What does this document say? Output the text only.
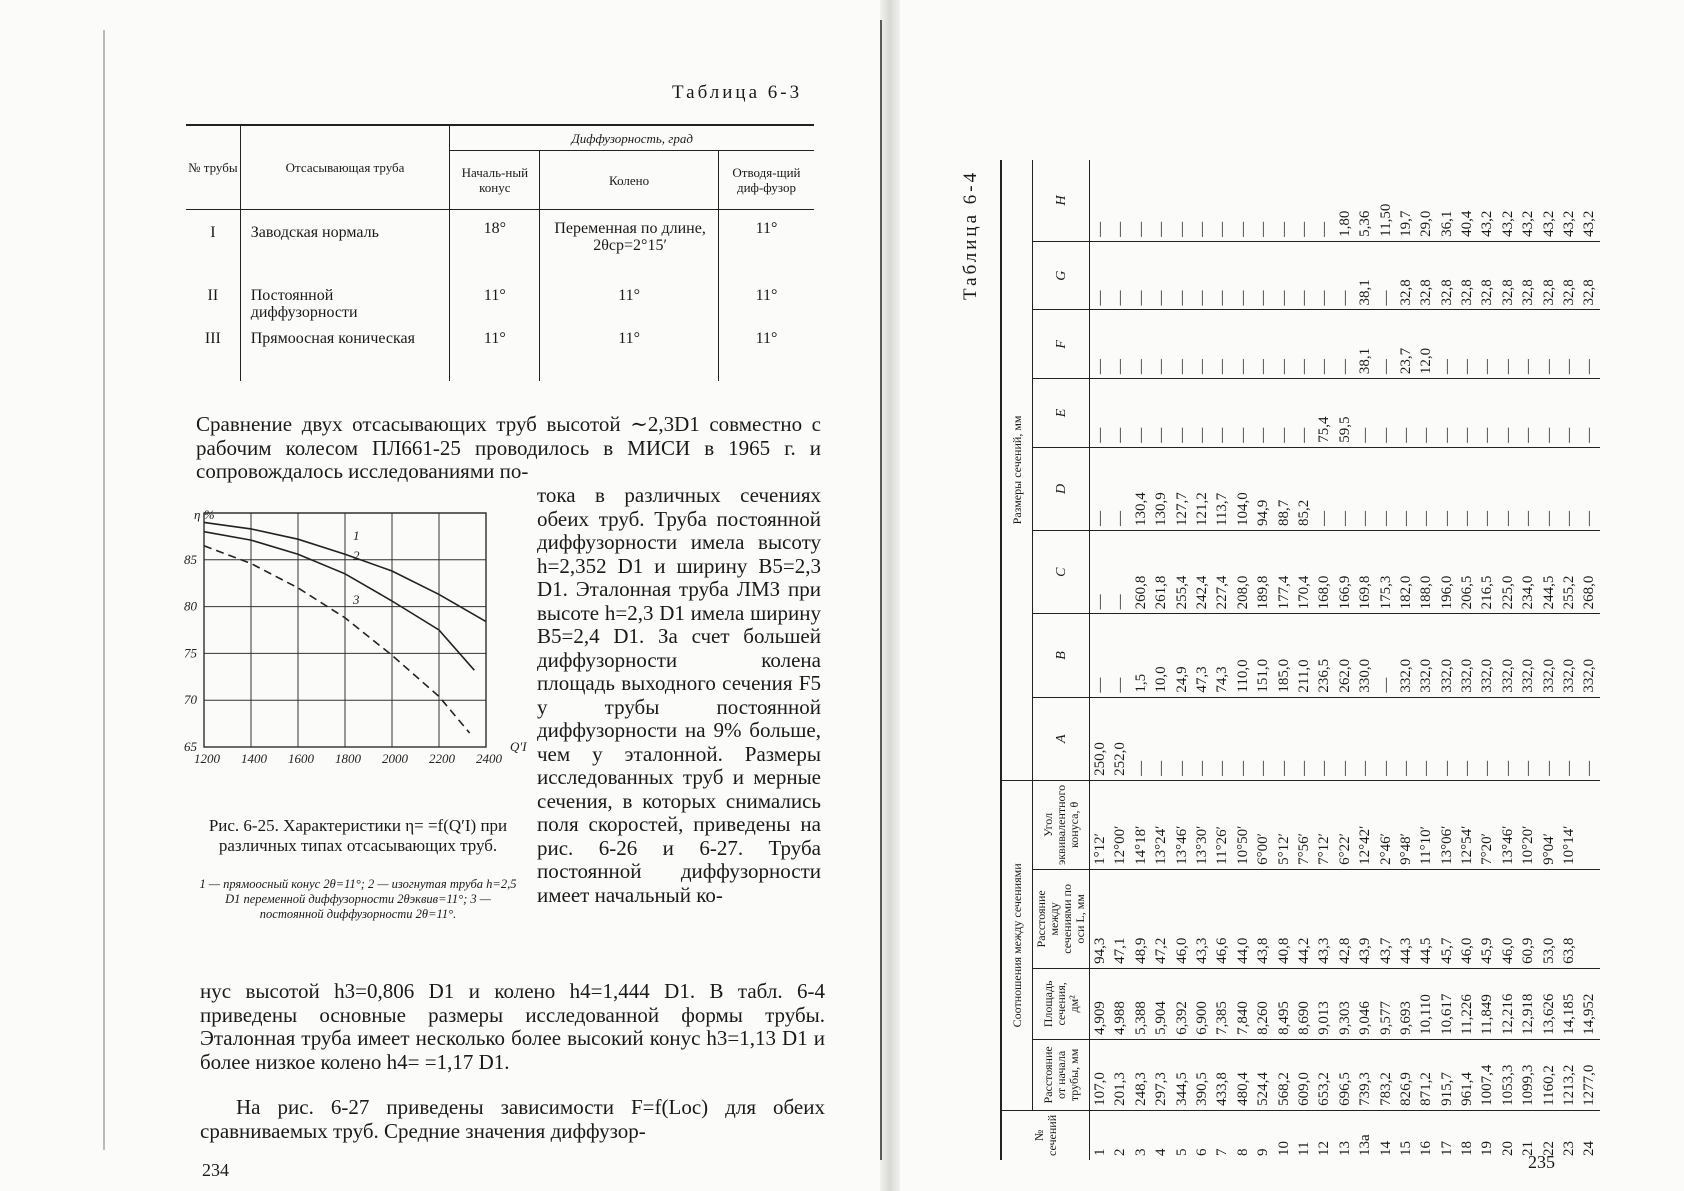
Таблица 6-3
№ трубы	Отсасывающая труба	Диффузорность, град		
		Началь-ный конус	Колено	Отводя-щий диф-фузор
I	Заводская нормаль	18°	Переменная по длине, 2θср=2°15′	11°
II	Постоянной диффузорности	11°	11°	11°
III	Прямоосная коническая	11°	11°	11°
Сравнение двух отсасывающих труб высотой ∼2,3D1 совместно с рабочим колесом ПЛ661-25 проводилось в МИСИ в 1965 г. и сопровождалось исследованиями по-
тока в различных сечениях обеих труб. Труба постоянной диффузорности имела высоту h=2,352 D1 и ширину B5=2,3 D1. Эталонная труба ЛМЗ при высоте h=2,3 D1 имела ширину B5=2,4 D1. За счет большей диффузорности колена площадь выходного сечения F5 у трубы постоянной диффузорности на 9% больше, чем у эталонной. Размеры исследованных труб и мерные сечения, в которых снимались поля скоростей, приведены на рис. 6-26 и 6-27. Труба постоянной диффузорности имеет начальный ко-
1
2
3
1200 1400 1600 1800 2000 2200 2400
65
70
75
80
85
η %
Q′I
Рис. 6-25. Характеристики η= =f(Q′I) при различных типах отсасывающих труб.
1 — прямоосный конус 2θ=11°; 2 — изогнутая труба h=2,5 D1 переменной диффузорности 2θэквив=11°; 3 — постоянной диффузорности 2θ=11°.
нус высотой h3=0,806 D1 и колено h4=1,444 D1. В табл. 6-4 приведены основные размеры исследованной формы трубы. Эталонная труба имеет несколько более высокий конус h3=1,13 D1 и более низкое колено h4= =1,17 D1.
На рис. 6-27 приведены зависимости F=f(Loc) для обеих сравниваемых труб. Средние значения диффузор-
234
Таблица 6-4
№ сечений	Соотношения между сечениями				Размеры сечений, мм							
	Расстояние от начала трубы, мм	Площадь сечения, дм²	Расстояние между сечениями по оси L, мм	Угол эквивалентного конуса, θ	A	B	C	D	E	F	G	H
1	107,0	4,909	94,3	1°12′	250,0	—	—	—	—	—	—	—
2	201,3	4,988	47,1	12°00′	252,0	—	—	—	—	—	—	—
3	248,3	5,388	48,9	14°18′	—	1,5	260,8	130,4	—	—	—	—
4	297,3	5,904	47,2	13°24′	—	10,0	261,8	130,9	—	—	—	—
5	344,5	6,392	46,0	13°46′	—	24,9	255,4	127,7	—	—	—	—
6	390,5	6,900	43,3	13°30′	—	47,3	242,4	121,2	—	—	—	—
7	433,8	7,385	46,6	11°26′	—	74,3	227,4	113,7	—	—	—	—
8	480,4	7,840	44,0	10°50′	—	110,0	208,0	104,0	—	—	—	—
9	524,4	8,260	43,8	6°00′	—	151,0	189,8	94,9	—	—	—	—
10	568,2	8,495	40,8	5°12′	—	185,0	177,4	88,7	—	—	—	—
11	609,0	8,690	44,2	7°56′	—	211,0	170,4	85,2	—	—	—	—
12	653,2	9,013	43,3	7°12′	—	236,5	168,0	—	75,4	—	—	—
13	696,5	9,303	42,8	6°22′	—	262,0	166,9	—	59,5	—	—	1,80
13a	739,3	9,046	43,9	12°42′	—	330,0	169,8	—	—	38,1	38,1	5,36
14	783,2	9,577	43,7	2°46′	—	—	175,3	—	—	—	—	11,50
15	826,9	9,693	44,3	9°48′	—	332,0	182,0	—	—	23,7	32,8	19,7
16	871,2	10,110	44,5	11°10′	—	332,0	188,0	—	—	12,0	32,8	29,0
17	915,7	10,617	45,7	13°06′	—	332,0	196,0	—	—	—	32,8	36,1
18	961,4	11,226	46,0	12°54′	—	332,0	206,5	—	—	—	32,8	40,4
19	1007,4	11,849	45,9	7°20′	—	332,0	216,5	—	—	—	32,8	43,2
20	1053,3	12,216	46,0	13°46′	—	332,0	225,0	—	—	—	32,8	43,2
21	1099,3	12,918	60,9	10°20′	—	332,0	234,0	—	—	—	32,8	43,2
22	1160,2	13,626	53,0	9°04′	—	332,0	244,5	—	—	—	32,8	43,2
23	1213,2	14,185	63,8	10°14′	—	332,0	255,2	—	—	—	32,8	43,2
24	1277,0	14,952			—	332,0	268,0	—	—	—	32,8	43,2
235
